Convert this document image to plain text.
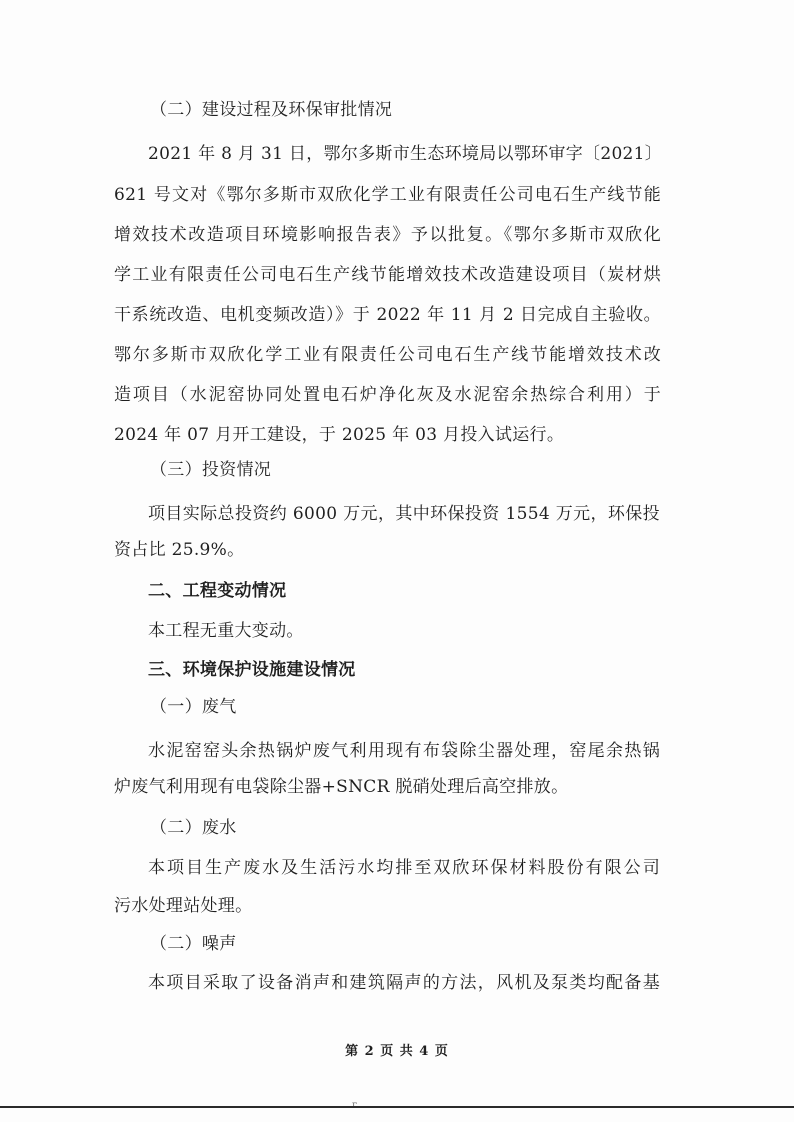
（二）建设过程及环保审批情况
2021 年 8 月 31 日，鄂尔多斯市生态环境局以鄂环审字〔2021〕
621 号文对《鄂尔多斯市双欣化学工业有限责任公司电石生产线节能
增效技术改造项目环境影响报告表》予以批复。《鄂尔多斯市双欣化
学工业有限责任公司电石生产线节能增效技术改造建设项目（炭材烘
干系统改造、电机变频改造）》于 2022 年 11 月 2 日完成自主验收。
鄂尔多斯市双欣化学工业有限责任公司电石生产线节能增效技术改
造项目（水泥窑协同处置电石炉净化灰及水泥窑余热综合利用）于
2024 年 07 月开工建设，于 2025 年 03 月投入试运行。
（三）投资情况
项目实际总投资约 6000 万元，其中环保投资 1554 万元，环保投
资占比 25.9%。
二、工程变动情况
本工程无重大变动。
三、环境保护设施建设情况
（一）废气
水泥窑窑头余热锅炉废气利用现有布袋除尘器处理，窑尾余热锅
炉废气利用现有电袋除尘器+SNCR 脱硝处理后高空排放。
（二）废水
本项目生产废水及生活污水均排至双欣环保材料股份有限公司
污水处理站处理。
（二）噪声
本项目采取了设备消声和建筑隔声的方法，风机及泵类均配备基
第 2 页 共 4 页
